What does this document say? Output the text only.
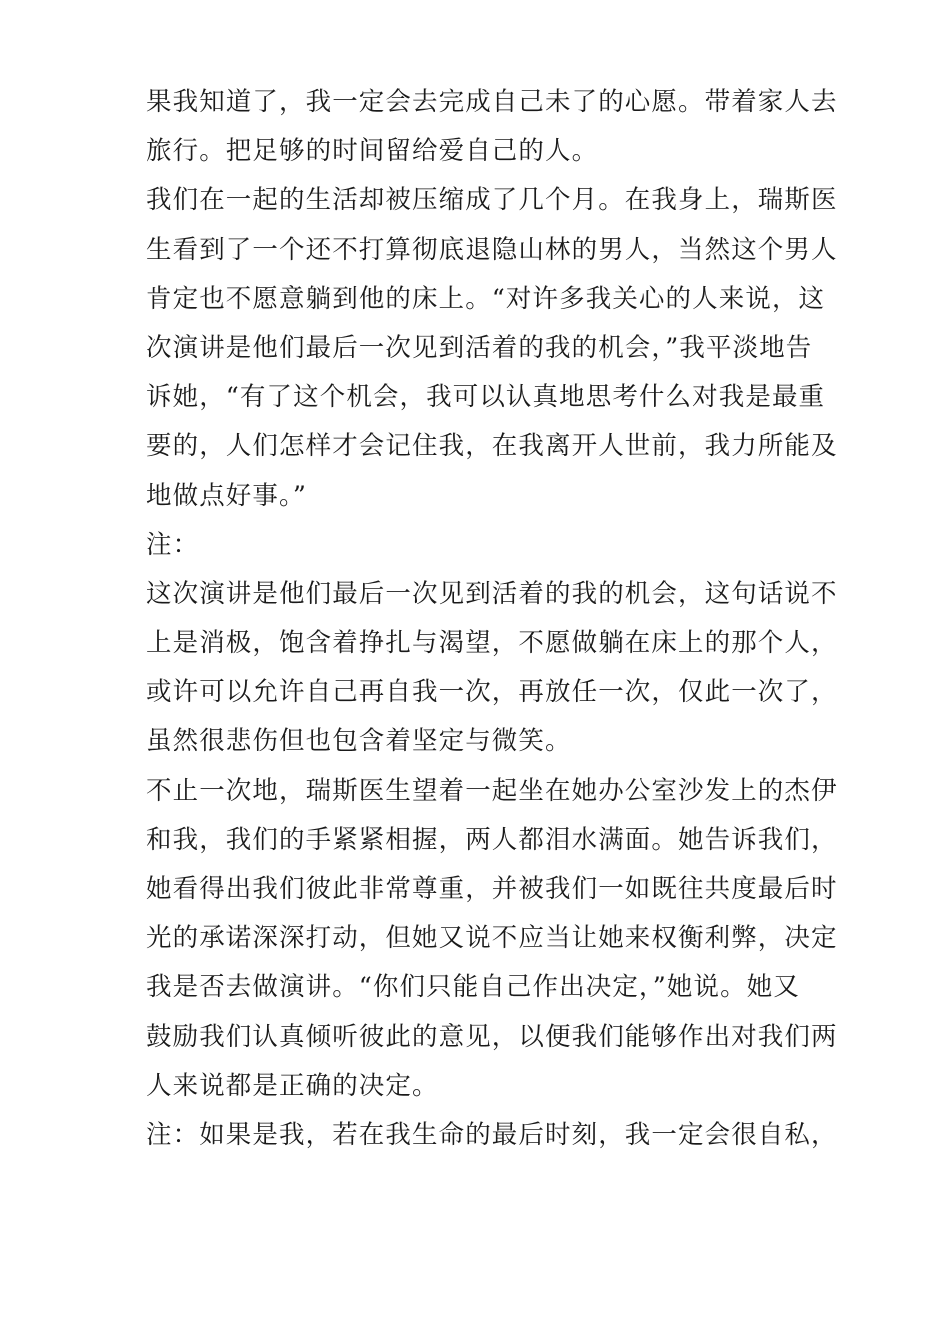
果我知道了，我一定会去完成自己未了的心愿。带着家人去
旅行。把足够的时间留给爱自己的人。
我们在一起的生活却被压缩成了几个月。在我身上，瑞斯医
生看到了一个还不打算彻底退隐山林的男人，当然这个男人
肯定也不愿意躺到他的床上。“对许多我关心的人来说，这
次演讲是他们最后一次见到活着的我的机会，”我平淡地告
诉她，“有了这个机会，我可以认真地思考什么对我是最重
要的，人们怎样才会记住我，在我离开人世前，我力所能及
地做点好事。”
注：
这次演讲是他们最后一次见到活着的我的机会，这句话说不
上是消极，饱含着挣扎与渴望，不愿做躺在床上的那个人，
或许可以允许自己再自我一次，再放任一次，仅此一次了，
虽然很悲伤但也包含着坚定与微笑。
不止一次地，瑞斯医生望着一起坐在她办公室沙发上的杰伊
和我，我们的手紧紧相握，两人都泪水满面。她告诉我们，
她看得出我们彼此非常尊重，并被我们一如既往共度最后时
光的承诺深深打动，但她又说不应当让她来权衡利弊，决定
我是否去做演讲。“你们只能自己作出决定，”她说。她又
鼓励我们认真倾听彼此的意见，以便我们能够作出对我们两
人来说都是正确的决定。
注：如果是我，若在我生命的最后时刻，我一定会很自私，
